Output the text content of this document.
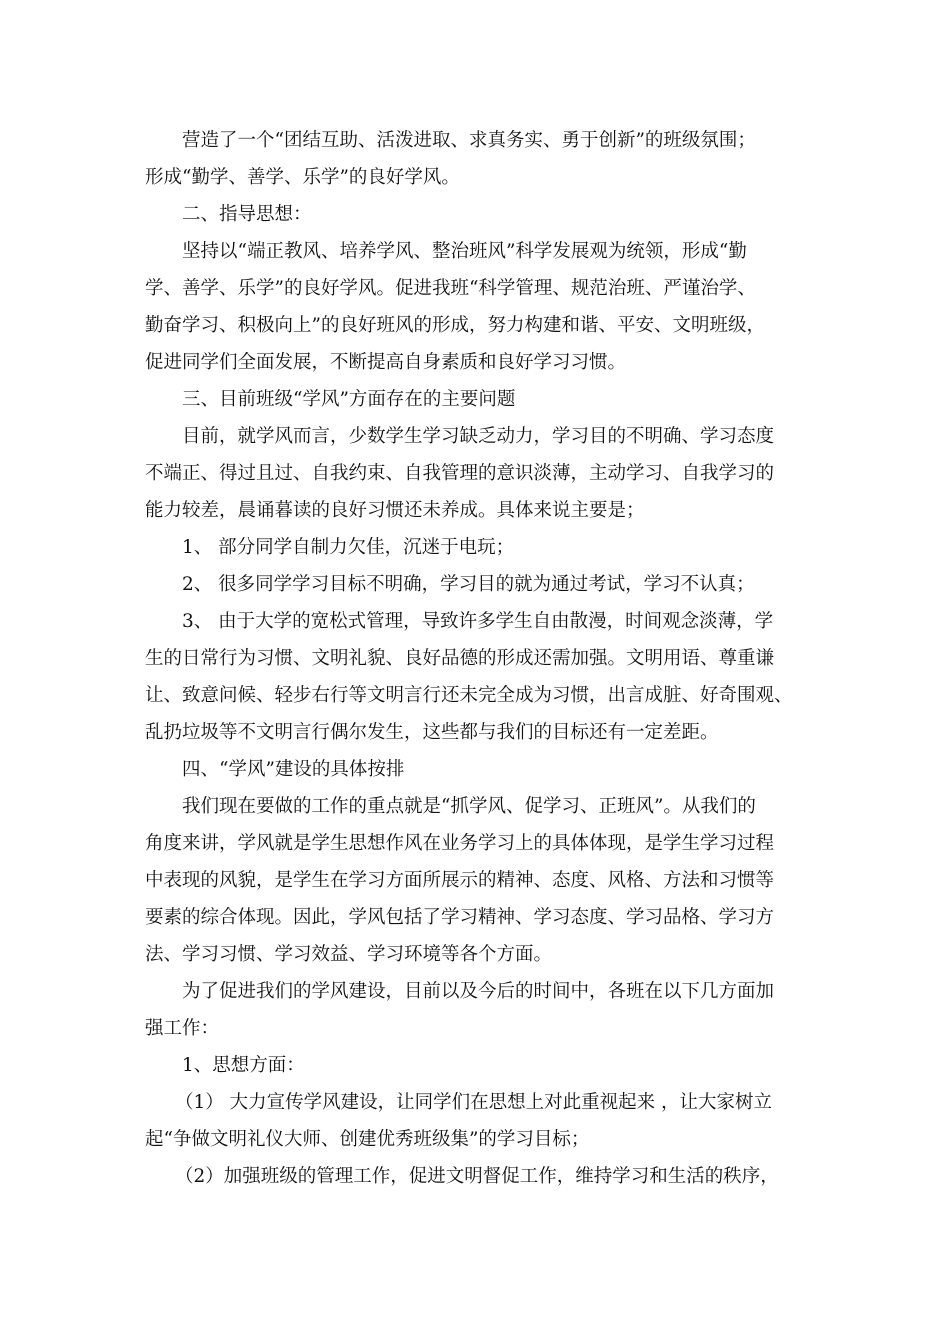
营造了一个“团结互助、活泼进取、求真务实、勇于创新”的班级氛围；

形成“勤学、善学、乐学”的良好学风。

二、指导思想：

坚持以“端正教风、培养学风、整治班风”科学发展观为统领，形成“勤

学、善学、乐学”的良好学风。促进我班“科学管理、规范治班、严谨治学、

勤奋学习、积极向上”的良好班风的形成，努力构建和谐、平安、文明班级，

促进同学们全面发展，不断提高自身素质和良好学习习惯。

三、目前班级“学风”方面存在的主要问题

目前，就学风而言，少数学生学习缺乏动力，学习目的不明确、学习态度

不端正、得过且过、自我约束、自我管理的意识淡薄，主动学习、自我学习的

能力较差，晨诵暮读的良好习惯还未养成。具体来说主要是；

1、 部分同学自制力欠佳，沉迷于电玩；

2、 很多同学学习目标不明确，学习目的就为通过考试，学习不认真；

3、 由于大学的宽松式管理，导致许多学生自由散漫，时间观念淡薄，学

生的日常行为习惯、文明礼貌、良好品德的形成还需加强。文明用语、尊重谦

让、致意问候、轻步右行等文明言行还未完全成为习惯，出言成脏、好奇围观、

乱扔垃圾等不文明言行偶尔发生，这些都与我们的目标还有一定差距。

四、“学风”建设的具体按排

我们现在要做的工作的重点就是“抓学风、促学习、正班风”。从我们的

角度来讲，学风就是学生思想作风在业务学习上的具体体现，是学生学习过程

中表现的风貌，是学生在学习方面所展示的精神、态度、风格、方法和习惯等

要素的综合体现。因此，学风包括了学习精神、学习态度、学习品格、学习方

法、学习习惯、学习效益、学习环境等各个方面。

为了促进我们的学风建设，目前以及今后的时间中，各班在以下几方面加

强工作：

1、思想方面：

（1） 大力宣传学风建设，让同学们在思想上对此重视起来 ，让大家树立

起“争做文明礼仪大师、创建优秀班级集”的学习目标；

（2）加强班级的管理工作，促进文明督促工作，维持学习和生活的秩序，
